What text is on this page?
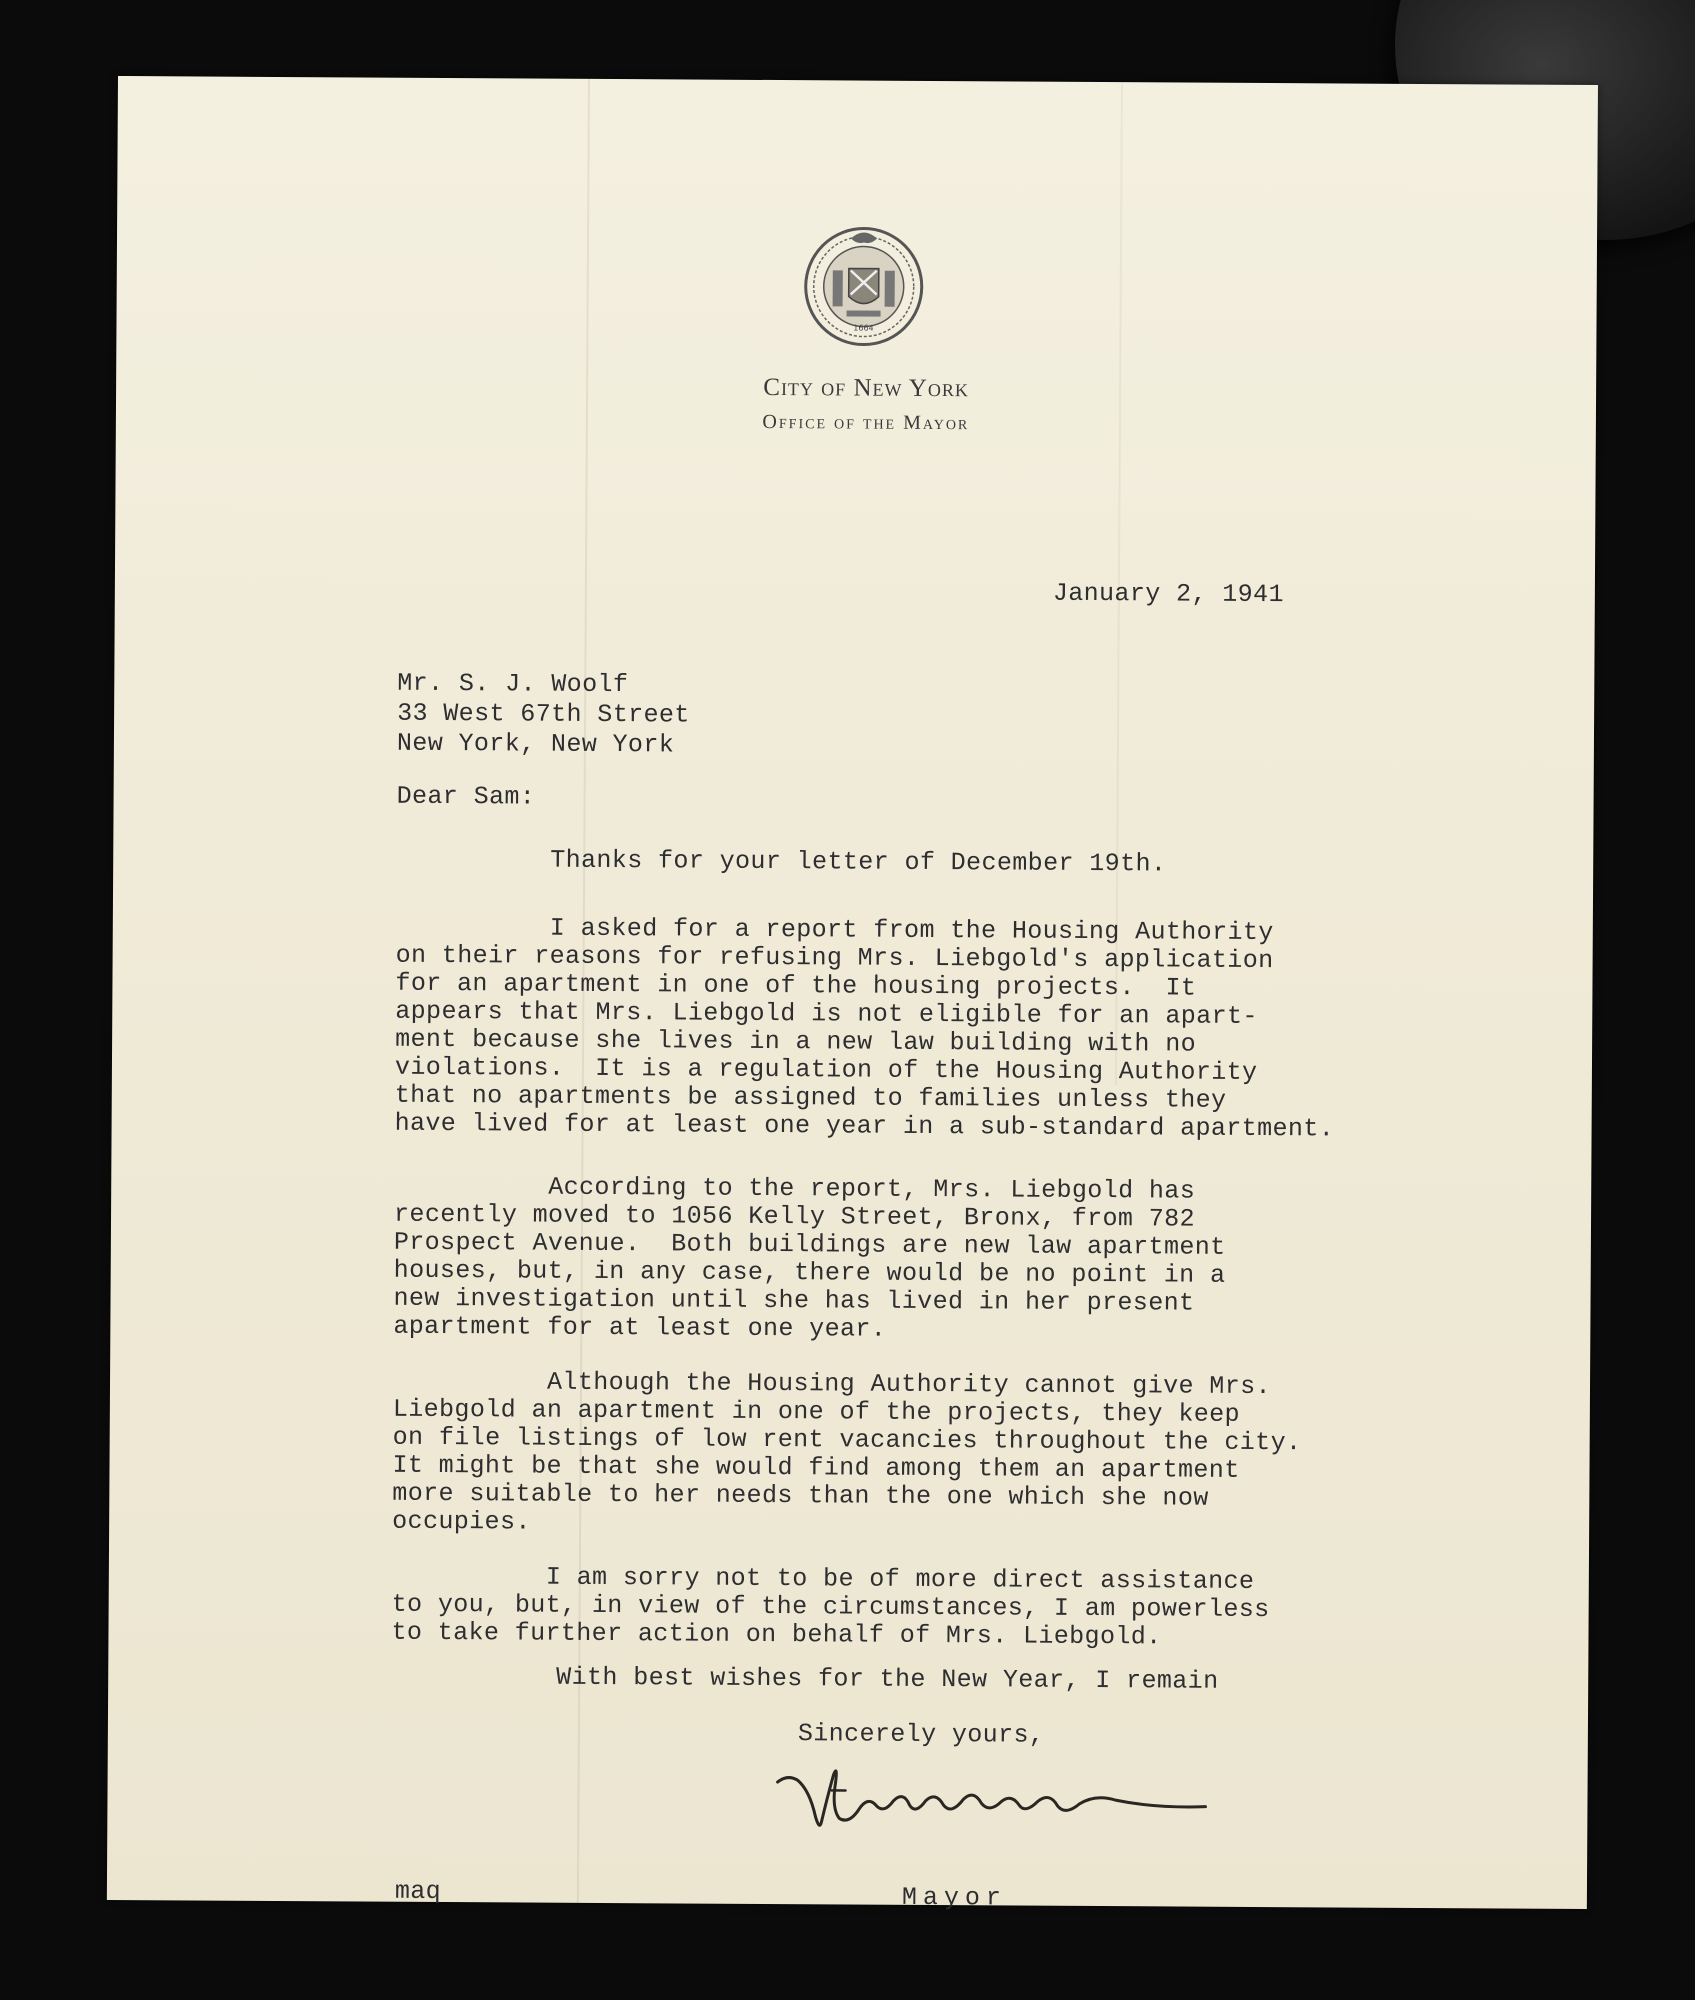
1664
City of New York
Office of the Mayor
January 2, 1941
Mr. S. J. Woolf
33 West 67th Street
New York, New York
Dear Sam:
Thanks for your letter of December 19th.
I asked for a report from the Housing Authority
on their reasons for refusing Mrs. Liebgold's application
for an apartment in one of the housing projects.  It
appears that Mrs. Liebgold is not eligible for an apart-
ment because she lives in a new law building with no
violations.  It is a regulation of the Housing Authority
that no apartments be assigned to families unless they
have lived for at least one year in a sub-standard apartment.
According to the report, Mrs. Liebgold has
recently moved to 1056 Kelly Street, Bronx, from 782
Prospect Avenue.  Both buildings are new law apartment
houses, but, in any case, there would be no point in a
new investigation until she has lived in her present
apartment for at least one year.
Although the Housing Authority cannot give Mrs.
Liebgold an apartment in one of the projects, they keep
on file listings of low rent vacancies throughout the city.
It might be that she would find among them an apartment
more suitable to her needs than the one which she now
occupies.
I am sorry not to be of more direct assistance
to you, but, in view of the circumstances, I am powerless
to take further action on behalf of Mrs. Liebgold.
With best wishes for the New Year, I remain
Sincerely yours,
maq	Mayor
